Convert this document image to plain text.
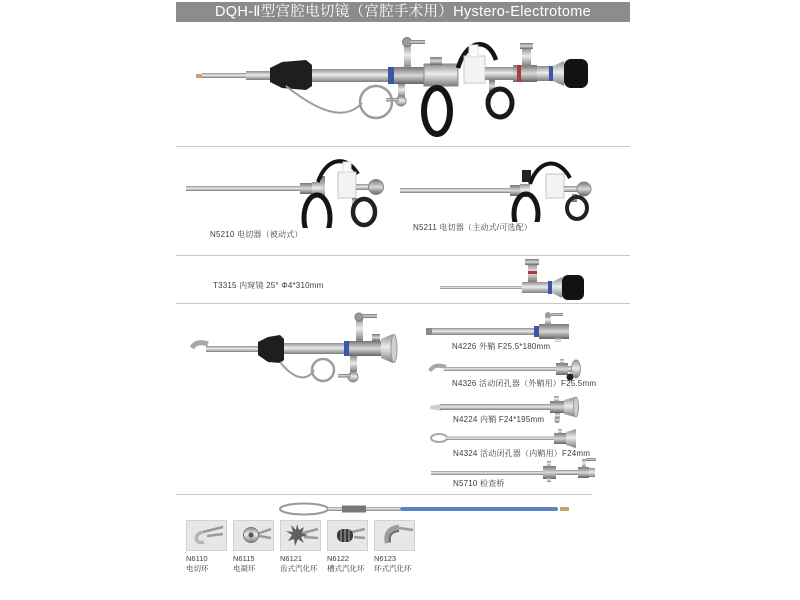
DQH-Ⅱ型宫腔电切镜（宫腔手术用）Hystero-Electrotome
N5210 电切器（被动式）
N5211 电切器（主动式/可选配）
T3315 内窥镜 25° Φ4*310mm
N4226 外鞘 F25.5*180mm
N4326 活动闭孔器（外鞘用）F25.5mm
N4224 内鞘 F24*195mm
N4324 活动闭孔器（内鞘用）F24mm
N5710 检查桥
N6110
电切环
N6115
电凝环
N6121
齿式汽化环
N6122
槽式汽化环
N6123
环式汽化环
